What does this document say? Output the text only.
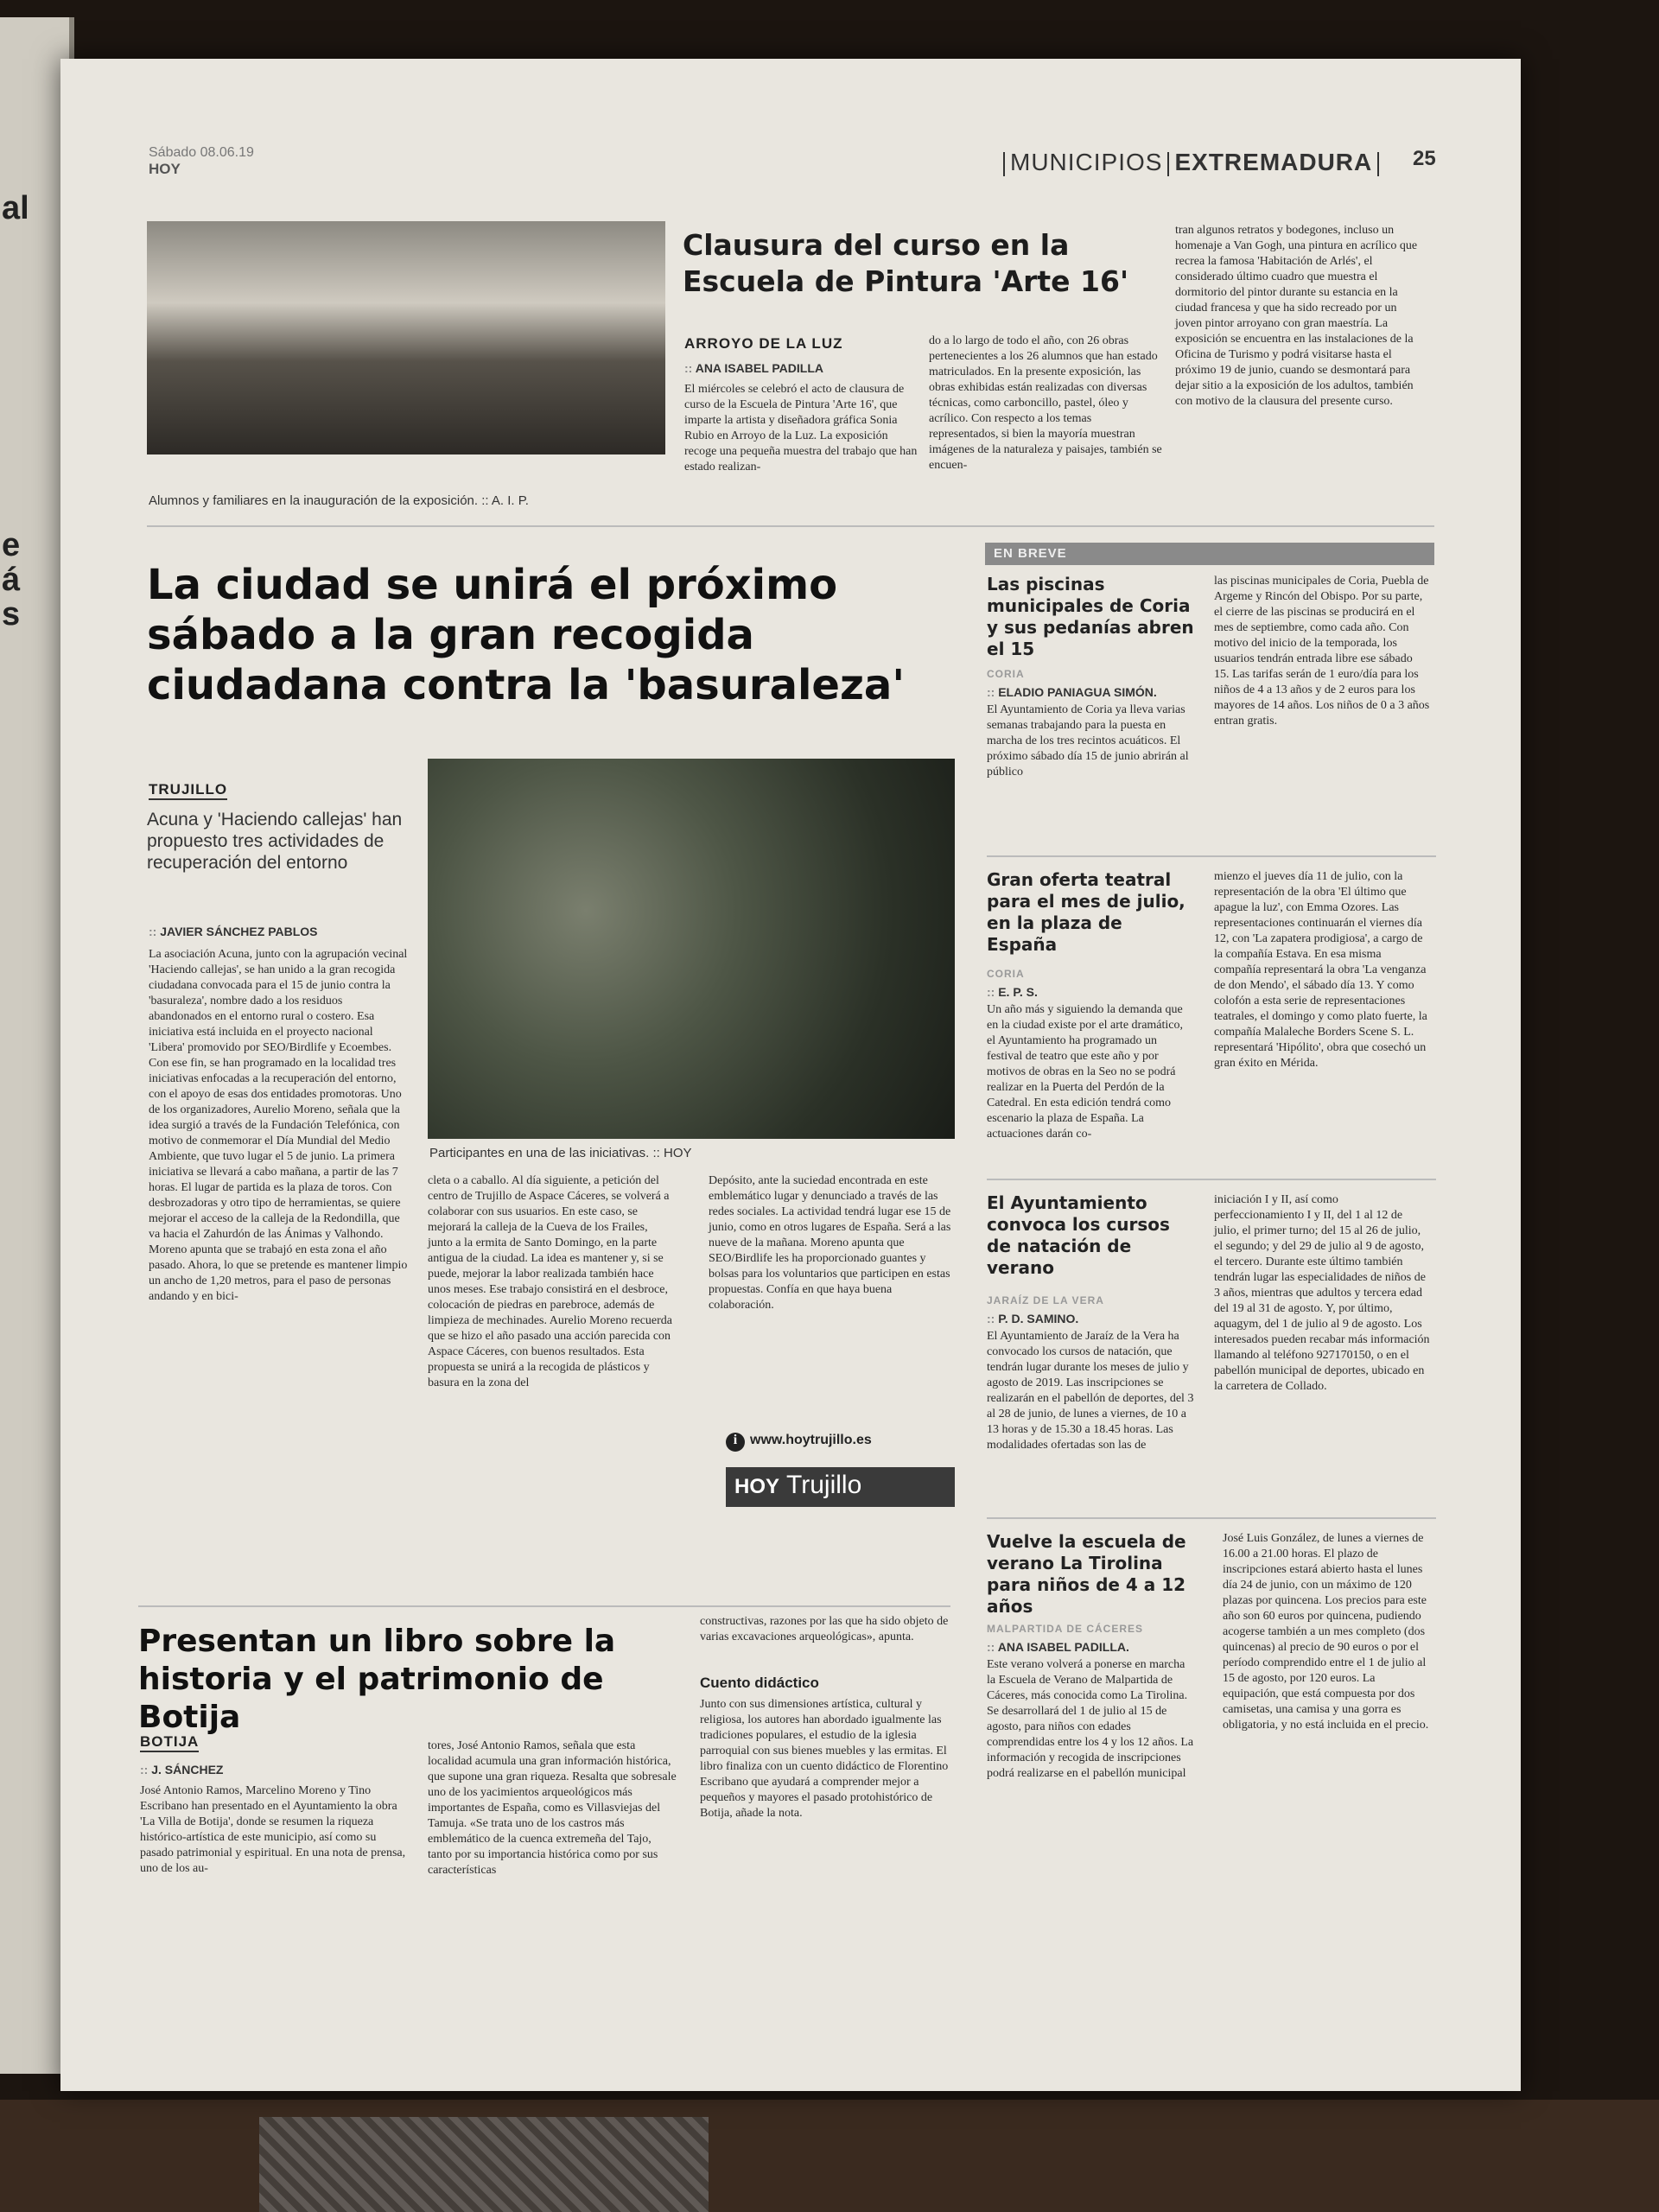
al
e
á
s
Sábado 08.06.19
HOY	MUNICIPIOS EXTREMADURA	25
Alumnos y familiares en la inauguración de la exposición. :: A. I. P.
Clausura del curso en la Escuela de Pintura 'Arte 16'
ARROYO DE LA LUZ
:: ANA ISABEL PADILLA
El miércoles se celebró el acto de clausura de curso de la Escuela de Pintura 'Arte 16', que imparte la artista y diseñadora gráfica Sonia Rubio en Arroyo de la Luz. La exposición recoge una pequeña muestra del trabajo que han estado realizan-
do a lo largo de todo el año, con 26 obras pertenecientes a los 26 alumnos que han estado matriculados. En la presente exposición, las obras exhibidas están realizadas con diversas técnicas, como carboncillo, pastel, óleo y acrílico. Con respecto a los temas representados, si bien la mayoría muestran imágenes de la naturaleza y paisajes, también se encuen-
tran algunos retratos y bodegones, incluso un homenaje a Van Gogh, una pintura en acrílico que recrea la famosa 'Habitación de Arlés', el considerado último cuadro que muestra el dormitorio del pintor durante su estancia en la ciudad francesa y que ha sido recreado por un joven pintor arroyano con gran maestría. La exposición se encuentra en las instalaciones de la Oficina de Turismo y podrá visitarse hasta el próximo 19 de junio, cuando se desmontará para dejar sitio a la exposición de los adultos, también con motivo de la clausura del presente curso.
La ciudad se unirá el próximo sábado a la gran recogida ciudadana contra la 'basuraleza'
TRUJILLO
Acuna y 'Haciendo callejas' han propuesto tres actividades de recuperación del entorno
:: JAVIER SÁNCHEZ PABLOS
La asociación Acuna, junto con la agrupación vecinal 'Haciendo callejas', se han unido a la gran recogida ciudadana convocada para el 15 de junio contra la 'basuraleza', nombre dado a los residuos abandonados en el entorno rural o costero. Esa iniciativa está incluida en el proyecto nacional 'Libera' promovido por SEO/Birdlife y Ecoembes. Con ese fin, se han programado en la localidad tres iniciativas enfocadas a la recuperación del entorno, con el apoyo de esas dos entidades promotoras. Uno de los organizadores, Aurelio Moreno, señala que la idea surgió a través de la Fundación Telefónica, con motivo de conmemorar el Día Mundial del Medio Ambiente, que tuvo lugar el 5 de junio. La primera iniciativa se llevará a cabo mañana, a partir de las 7 horas. El lugar de partida es la plaza de toros. Con desbrozadoras y otro tipo de herramientas, se quiere mejorar el acceso de la calleja de la Redondilla, que va hacia el Zahurdón de las Ánimas y Valhondo. Moreno apunta que se trabajó en esta zona el año pasado. Ahora, lo que se pretende es mantener limpio un ancho de 1,20 metros, para el paso de personas andando y en bici-
Participantes en una de las iniciativas. :: HOY
cleta o a caballo. Al día siguiente, a petición del centro de Trujillo de Aspace Cáceres, se volverá a colaborar con sus usuarios. En este caso, se mejorará la calleja de la Cueva de los Frailes, junto a la ermita de Santo Domingo, en la parte antigua de la ciudad. La idea es mantener y, si se puede, mejorar la labor realizada también hace unos meses. Ese trabajo consistirá en el desbroce, colocación de piedras en parebroce, además de limpieza de mechinades. Aurelio Moreno recuerda que se hizo el año pasado una acción parecida con Aspace Cáceres, con buenos resultados. Esta propuesta se unirá a la recogida de plásticos y basura en la zona del
Depósito, ante la suciedad encontrada en este emblemático lugar y denunciado a través de las redes sociales. La actividad tendrá lugar ese 15 de junio, como en otros lugares de España. Será a las nueve de la mañana. Moreno apunta que SEO/Birdlife les ha proporcionado guantes y bolsas para los voluntarios que participen en estas propuestas. Confía en que haya buena colaboración.
i www.hoytrujillo.es
HOY Trujillo
EN BREVE
Las piscinas municipales de Coria y sus pedanías abren el 15
CORIA
:: ELADIO PANIAGUA SIMÓN.
El Ayuntamiento de Coria ya lleva varias semanas trabajando para la puesta en marcha de los tres recintos acuáticos. El próximo sábado día 15 de junio abrirán al público
las piscinas municipales de Coria, Puebla de Argeme y Rincón del Obispo. Por su parte, el cierre de las piscinas se producirá en el mes de septiembre, como cada año. Con motivo del inicio de la temporada, los usuarios tendrán entrada libre ese sábado 15. Las tarifas serán de 1 euro/día para los niños de 4 a 13 años y de 2 euros para los mayores de 14 años. Los niños de 0 a 3 años entran gratis.
Gran oferta teatral para el mes de julio, en la plaza de España
CORIA
:: E. P. S.
Un año más y siguiendo la demanda que en la ciudad existe por el arte dramático, el Ayuntamiento ha programado un festival de teatro que este año y por motivos de obras en la Seo no se podrá realizar en la Puerta del Perdón de la Catedral. En esta edición tendrá como escenario la plaza de España. La actuaciones darán co-
mienzo el jueves día 11 de julio, con la representación de la obra 'El último que apague la luz', con Emma Ozores. Las representaciones continuarán el viernes día 12, con 'La zapatera prodigiosa', a cargo de la compañía Estava. En esa misma compañía representará la obra 'La venganza de don Mendo', el sábado día 13. Y como colofón a esta serie de representaciones teatrales, el domingo y como plato fuerte, la compañía Malaleche Borders Scene S. L. representará 'Hipólito', obra que cosechó un gran éxito en Mérida.
El Ayuntamiento convoca los cursos de natación de verano
JARAÍZ DE LA VERA
:: P. D. SAMINO.
El Ayuntamiento de Jaraíz de la Vera ha convocado los cursos de natación, que tendrán lugar durante los meses de julio y agosto de 2019. Las inscripciones se realizarán en el pabellón de deportes, del 3 al 28 de junio, de lunes a viernes, de 10 a 13 horas y de 15.30 a 18.45 horas. Las modalidades ofertadas son las de
iniciación I y II, así como perfeccionamiento I y II, del 1 al 12 de julio, el primer turno; del 15 al 26 de julio, el segundo; y del 29 de julio al 9 de agosto, el tercero. Durante este último también tendrán lugar las especialidades de niños de 3 años, mientras que adultos y tercera edad del 19 al 31 de agosto. Y, por último, aquagym, del 1 de julio al 9 de agosto. Los interesados pueden recabar más información llamando al teléfono 927170150, o en el pabellón municipal de deportes, ubicado en la carretera de Collado.
Vuelve la escuela de verano La Tirolina para niños de 4 a 12 años
MALPARTIDA DE CÁCERES
:: ANA ISABEL PADILLA.
Este verano volverá a ponerse en marcha la Escuela de Verano de Malpartida de Cáceres, más conocida como La Tirolina. Se desarrollará del 1 de julio al 15 de agosto, para niños con edades comprendidas entre los 4 y los 12 años. La información y recogida de inscripciones podrá realizarse en el pabellón municipal
José Luis González, de lunes a viernes de 16.00 a 21.00 horas. El plazo de inscripciones estará abierto hasta el lunes día 24 de junio, con un máximo de 120 plazas por quincena. Los precios para este año son 60 euros por quincena, pudiendo acogerse también a un mes completo (dos quincenas) al precio de 90 euros o por el período comprendido entre el 1 de julio al 15 de agosto, por 120 euros. La equipación, que está compuesta por dos camisetas, una camisa y una gorra es obligatoria, y no está incluida en el precio.
Presentan un libro sobre la historia y el patrimonio de Botija
BOTIJA
:: J. SÁNCHEZ
José Antonio Ramos, Marcelino Moreno y Tino Escribano han presentado en el Ayuntamiento la obra 'La Villa de Botija', donde se resumen la riqueza histórico-artística de este municipio, así como su pasado patrimonial y espiritual. En una nota de prensa, uno de los au-
tores, José Antonio Ramos, señala que esta localidad acumula una gran información histórica, que supone una gran riqueza. Resalta que sobresale uno de los yacimientos arqueológicos más importantes de España, como es Villasviejas del Tamuja. «Se trata uno de los castros más emblemático de la cuenca extremeña del Tajo, tanto por su importancia histórica como por sus características
constructivas, razones por las que ha sido objeto de varias excavaciones arqueológicas», apunta.
Cuento didáctico
Junto con sus dimensiones artística, cultural y religiosa, los autores han abordado igualmente las tradiciones populares, el estudio de la iglesia parroquial con sus bienes muebles y las ermitas. El libro finaliza con un cuento didáctico de Florentino Escribano que ayudará a comprender mejor a pequeños y mayores el pasado protohistórico de Botija, añade la nota.
